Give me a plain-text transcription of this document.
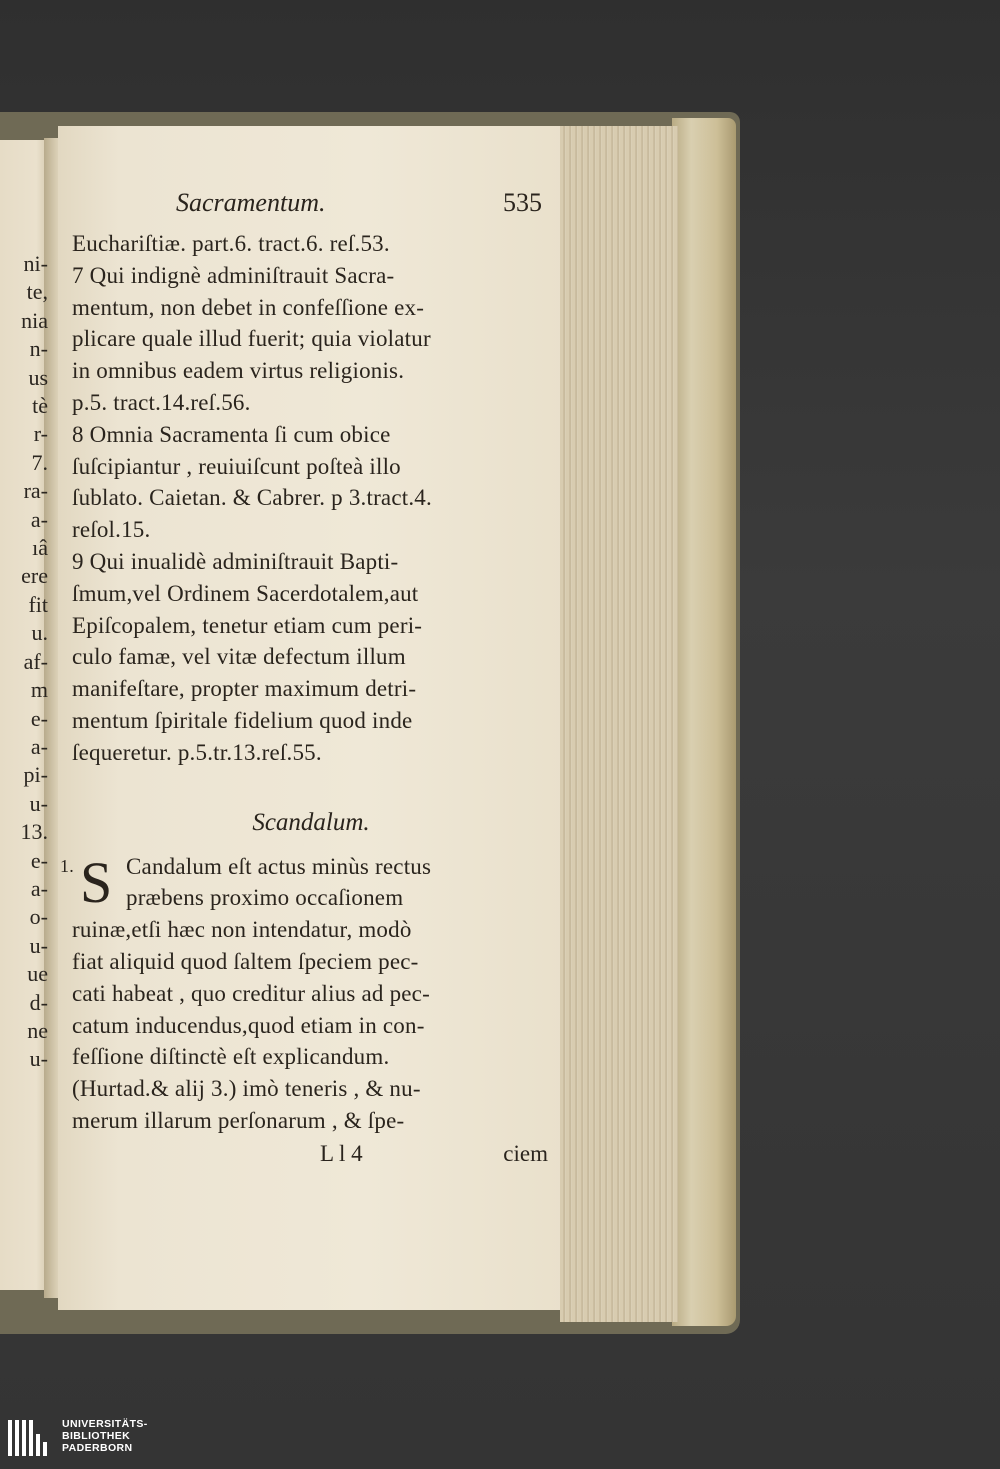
ni-
te,
nia
n-
us
tè
r-
7.
ra-
a-
ıâ
ere
fit
u.
af-
m
e-
a-
pi-
u-
13.
e-
a-
o-
u-
ue
d-
ne
u-
Sacramentum.	535
Euchariſtiæ. part.6. tract.6. reſ.53.
7 Qui indignè adminiſtrauit Sacra-
mentum, non debet in confeſſione ex-
plicare quale illud fuerit; quia violatur
in omnibus eadem virtus religionis.
p.5. tract.14.reſ.56.
8 Omnia Sacramenta ſi cum obice
ſuſcipiantur , reuiuiſcunt poſteà illo
ſublato. Caietan. & Cabrer. p 3.tract.4.
reſol.15.
9 Qui inualidè adminiſtrauit Bapti-
ſmum,vel Ordinem Sacerdotalem,aut
Epiſcopalem, tenetur etiam cum peri-
culo famæ, vel vitæ defectum illum
manifeſtare, propter maximum detri-
mentum ſpiritale fidelium quod inde
ſequeretur. p.5.tr.13.reſ.55.
Scandalum.
1. S Candalum eſt actus minùs rectus
præbens proximo occaſionem
ruinæ,etſi hæc non intendatur, modò
fiat aliquid quod ſaltem ſpeciem pec-
cati habeat , quo creditur alius ad pec-
catum inducendus,quod etiam in con-
feſſione diſtinctè eſt explicandum.
(Hurtad.& alij 3.) imò teneris , & nu-
merum illarum perſonarum , & ſpe-
L l 4	ciem
UNIVERSITÄTS-
BIBLIOTHEK
PADERBORN
